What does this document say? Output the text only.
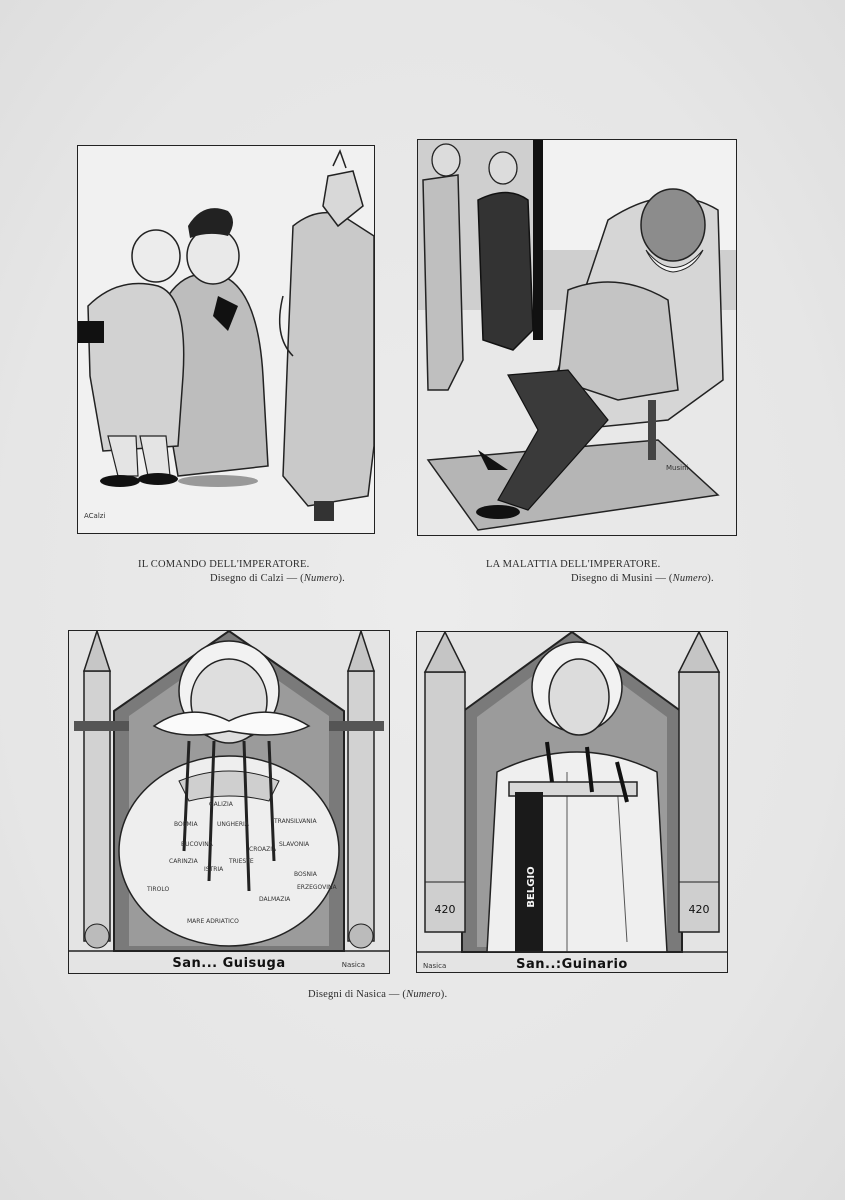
ACalzi
IL COMANDO DELL'IMPERATORE.
Disegno di Calzi — (Numero).
Musini
LA MALATTIA DELL'IMPERATORE.
Disegno di Musini — (Numero).
GALIZIA
UNGHERIA
BOEMIA	TRANSILVANIA
ISTRIA
CROAZIA
TRIESTE
SLAVONIA
BUCOVINA
TIROLO
CARINZIA
BOSNIA
ERZEGOVINA
DALMAZIA
MARE ADRIATICO
San... Guisuga	Nasica
420	420
BELGIO
San..:Guinario
Nasica
Disegni di Nasica — (Numero).
